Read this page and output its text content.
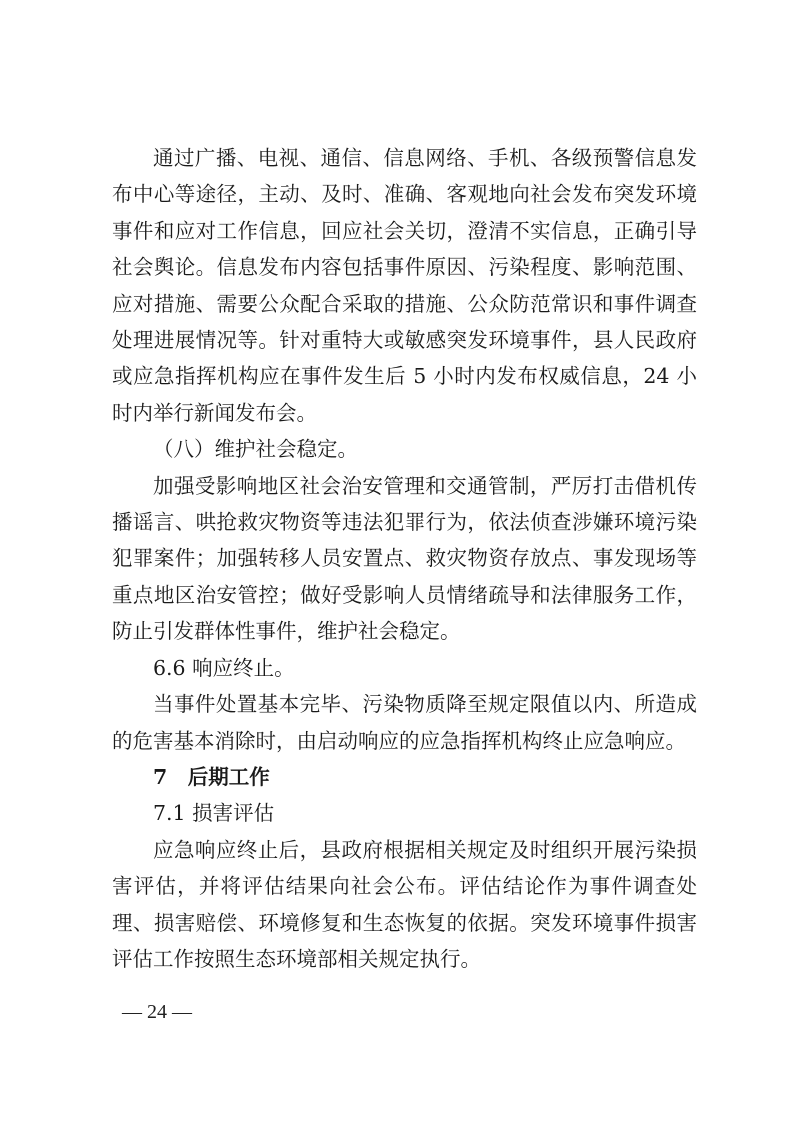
通过广播、电视、通信、信息网络、手机、各级预警信息发布中心等途径，主动、及时、准确、客观地向社会发布突发环境事件和应对工作信息，回应社会关切，澄清不实信息，正确引导社会舆论。信息发布内容包括事件原因、污染程度、影响范围、应对措施、需要公众配合采取的措施、公众防范常识和事件调查处理进展情况等。针对重特大或敏感突发环境事件，县人民政府或应急指挥机构应在事件发生后 5 小时内发布权威信息，24 小时内举行新闻发布会。

（八）维护社会稳定。

加强受影响地区社会治安管理和交通管制，严厉打击借机传播谣言、哄抢救灾物资等违法犯罪行为，依法侦查涉嫌环境污染犯罪案件；加强转移人员安置点、救灾物资存放点、事发现场等重点地区治安管控；做好受影响人员情绪疏导和法律服务工作，防止引发群体性事件，维护社会稳定。

6.6 响应终止。

当事件处置基本完毕、污染物质降至规定限值以内、所造成的危害基本消除时，由启动响应的应急指挥机构终止应急响应。

7　后期工作

7.1 损害评估

应急响应终止后，县政府根据相关规定及时组织开展污染损害评估，并将评估结果向社会公布。评估结论作为事件调查处理、损害赔偿、环境修复和生态恢复的依据。突发环境事件损害评估工作按照生态环境部相关规定执行。

— 24 —
